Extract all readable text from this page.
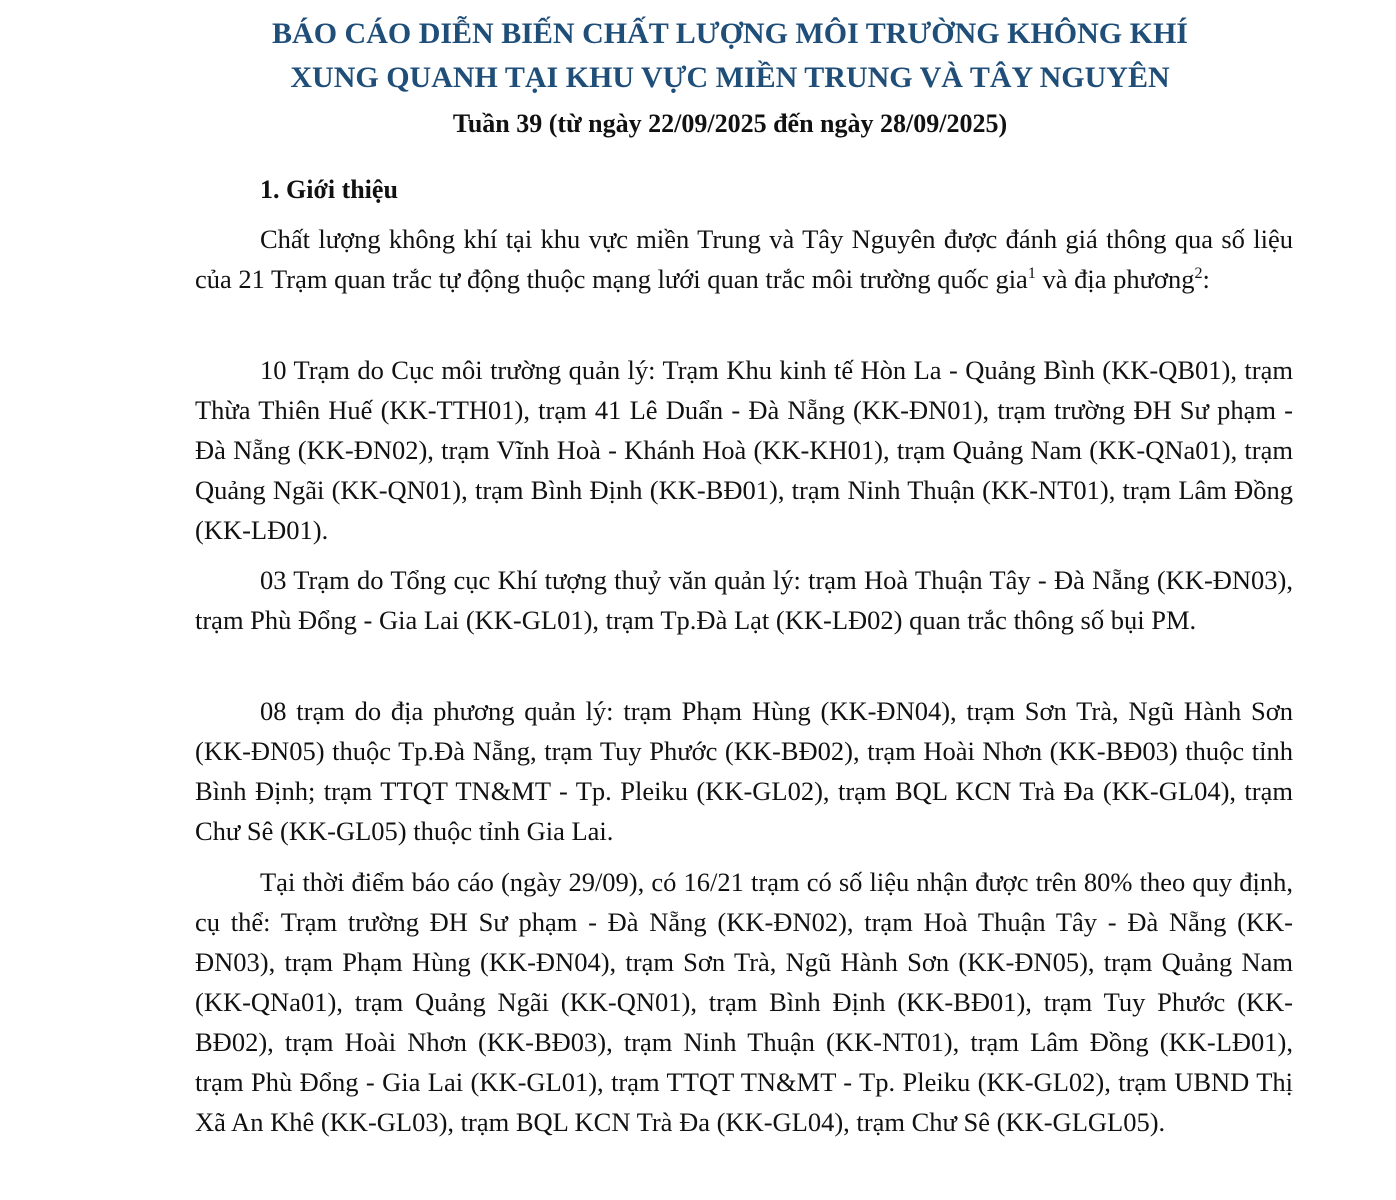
BÁO CÁO DIỄN BIẾN CHẤT LƯỢNG MÔI TRƯỜNG KHÔNG KHÍ
XUNG QUANH TẠI KHU VỰC MIỀN TRUNG VÀ TÂY NGUYÊN
Tuần 39 (từ ngày 22/09/2025 đến ngày 28/09/2025)
1. Giới thiệu

Chất lượng không khí tại khu vực miền Trung và Tây Nguyên được đánh giá thông qua số liệu của 21 Trạm quan trắc tự động thuộc mạng lưới quan trắc môi trường quốc gia$^1$ và địa phương$^2$:

10 Trạm do Cục môi trường quản lý: Trạm Khu kinh tế Hòn La - Quảng Bình (KK-QB01), trạm Thừa Thiên Huế (KK-TTH01), trạm 41 Lê Duẩn - Đà Nẵng (KK-ĐN01), trạm trường ĐH Sư phạm - Đà Nẵng (KK-ĐN02), trạm Vĩnh Hoà - Khánh Hoà (KK-KH01), trạm Quảng Nam (KK-QNa01), trạm Quảng Ngãi (KK-QN01), trạm Bình Định (KK-BĐ01), trạm Ninh Thuận (KK-NT01), trạm Lâm Đồng (KK-LĐ01).

03 Trạm do Tổng cục Khí tượng thuỷ văn quản lý: trạm Hoà Thuận Tây - Đà Nẵng (KK-ĐN03), trạm Phù Đổng - Gia Lai (KK-GL01), trạm Tp.Đà Lạt (KK-LĐ02) quan trắc thông số bụi PM.

08 trạm do địa phương quản lý: trạm Phạm Hùng (KK-ĐN04), trạm Sơn Trà, Ngũ Hành Sơn (KK-ĐN05) thuộc Tp.Đà Nẵng, trạm Tuy Phước (KK-BĐ02), trạm Hoài Nhơn (KK-BĐ03) thuộc tỉnh Bình Định; trạm TTQT TN&MT - Tp. Pleiku (KK-GL02), trạm BQL KCN Trà Đa (KK-GL04), trạm Chư Sê (KK-GL05) thuộc tỉnh Gia Lai.

Tại thời điểm báo cáo (ngày 29/09), có 16/21 trạm có số liệu nhận được trên 80% theo quy định, cụ thể: Trạm trường ĐH Sư phạm - Đà Nẵng (KK-ĐN02), trạm Hoà Thuận Tây - Đà Nẵng (KK-ĐN03), trạm Phạm Hùng (KK-ĐN04), trạm Sơn Trà, Ngũ Hành Sơn (KK-ĐN05), trạm Quảng Nam (KK-QNa01), trạm Quảng Ngãi (KK-QN01), trạm Bình Định (KK-BĐ01), trạm Tuy Phước (KK-BĐ02), trạm Hoài Nhơn (KK-BĐ03), trạm Ninh Thuận (KK-NT01), trạm Lâm Đồng (KK-LĐ01), trạm Phù Đổng - Gia Lai (KK-GL01), trạm TTQT TN&MT - Tp. Pleiku (KK-GL02), trạm UBND Thị Xã An Khê (KK-GL03), trạm BQL KCN Trà Đa (KK-GL04), trạm Chư Sê (KK-GLGL05).
